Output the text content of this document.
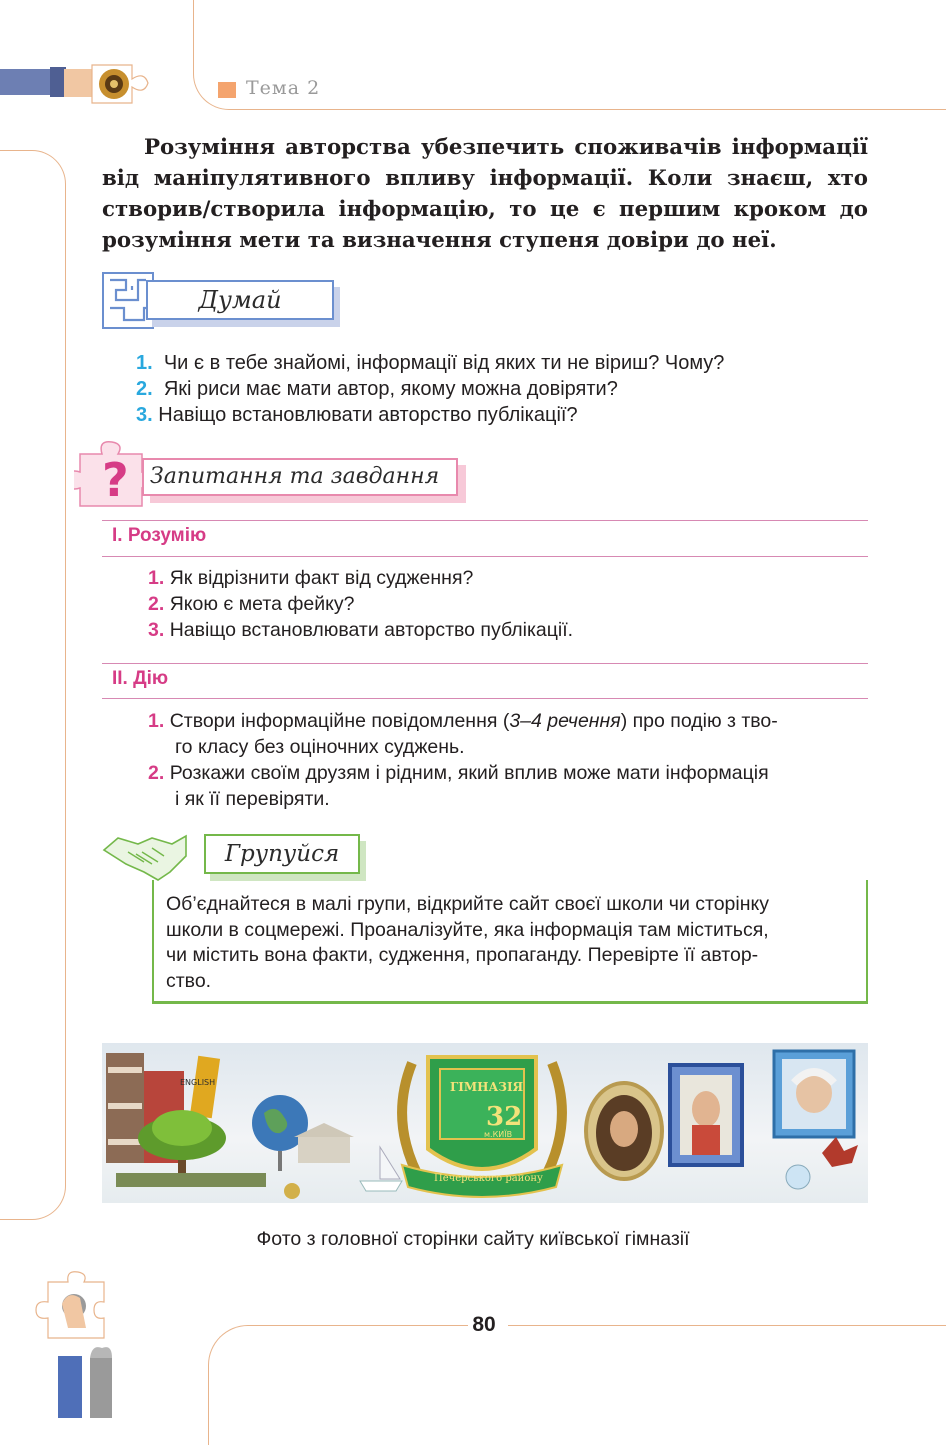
Тема 2

Розуміння авторства убезпечить споживачів інформації від маніпулятивного впливу інформації. Коли знаєш, хто створив/створила інформацію, то це є першим кроком до розуміння мети та визначення ступеня довіри до неї.

Думай
1. Чи є в тебе знайомі, інформації від яких ти не віриш? Чому?
2. Які риси має мати автор, якому можна довіряти?
3. Навіщо встановлювати авторство публікації?
? Запитання та завдання
І. Розумію
1. Як відрізнити факт від судження?
2. Якою є мета фейку?
3. Навіщо встановлювати авторство публікації.
ІІ. Дію
1. Створи інформаційне повідомлення (3–4 речення) про подію з тво-
го класу без оціночних суджень.
2. Розкажи своїм друзям і рідним, який вплив може мати інформація
і як її перевіряти.
Групуйся
Об’єднайтеся в малі групи, відкрийте сайт своєї школи чи сторінку
школи в соцмережі. Проаналізуйте, яка інформація там міститься,
чи містить вона факти, судження, пропаганду. Перевірте її автор-
ство.
ENGLISH	ГІМНАЗІЯ
32
м.КИЇВ
Печерського району
Фото з головної сторінки сайту київської гімназії
80
